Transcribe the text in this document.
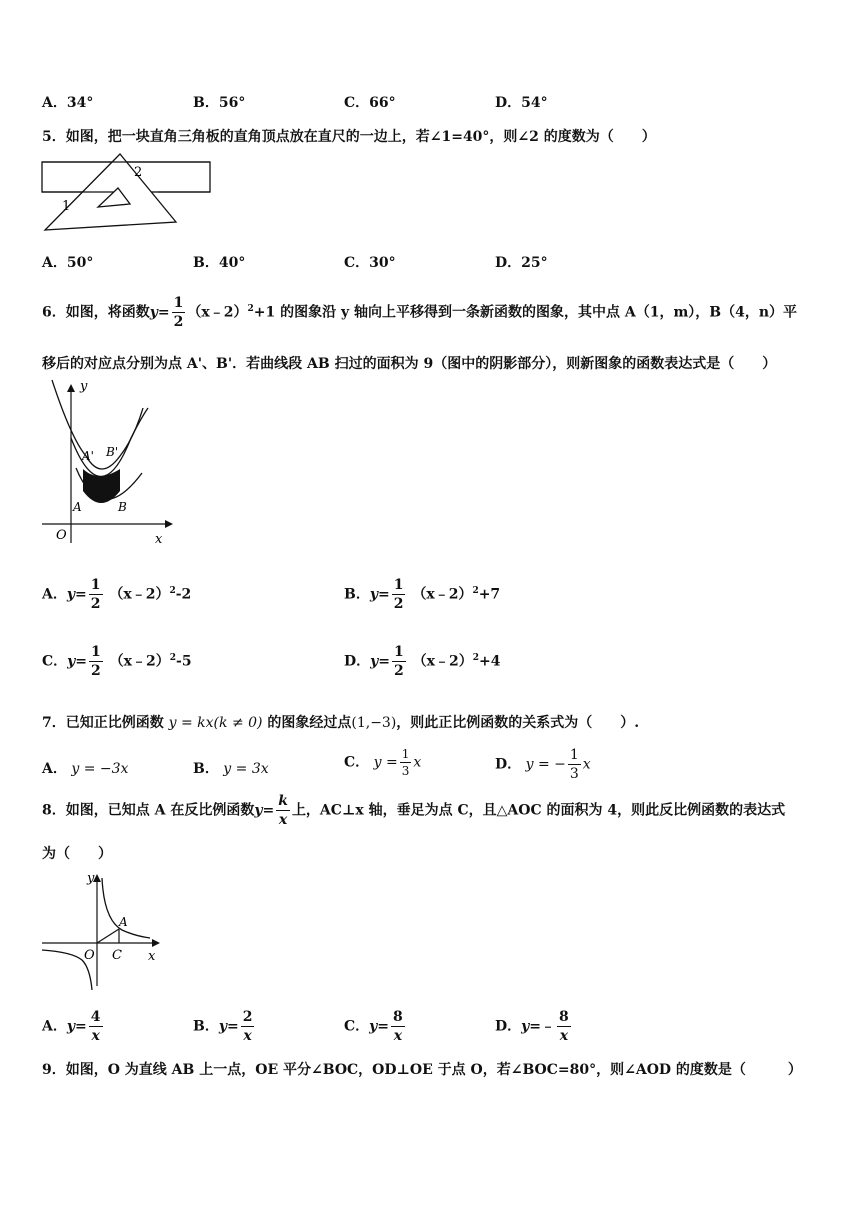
A．34°	B．56°	C．66°	D．54°
5．如图，把一块直角三角板的直角顶点放在直尺的一边上，若∠1=40°，则∠2 的度数为（　　）
1
2
A．50°	B．40°	C．30°	D．25°
6．如图，将函数$y= \frac{1}{2}$ （x﹣2）$^2$+1 的图象沿 y 轴向上平移得到一条新函数的图象，其中点 A（1，m），B（4，n）平
移后的对应点分别为点 A'、B'．若曲线段 AB 扫过的面积为 9（图中的阴影部分），则新图象的函数表达式是（　　）
y
x
O
A	B
A' B'
A．$y= \frac{1}{2}$ （x﹣2）$^2$-2	B．$y= \frac{1}{2}$ （x﹣2）$^2$+7
C．$y= \frac{1}{2}$ （x﹣2）$^2$-5	D．$y= \frac{1}{2}$ （x﹣2）$^2$+4
7．已知正比例函数 y = kx(k ≠ 0) 的图象经过点(1,−3)，则此正比例函数的关系式为（　　）.
A． y = −3x	B． y = 3x	C． $y = \frac{1}{3}$ x	D． y = − $\frac{1}{3}$ x
8．如图，已知点 A 在反比例函数$y= \frac{k}{x}$ 上，AC⊥x 轴，垂足为点 C，且△AOC 的面积为 4，则此反比例函数的表达式
为（　　）
y
x
O C
A
A．$y= \frac{4}{x}$	B．$y= \frac{2}{x}$	C．$y= \frac{8}{x}$	D．y=﹣ $\frac{8}{x}$
9．如图，O 为直线 AB 上一点，OE 平分∠BOC，OD⊥OE 于点 O，若∠BOC=80°，则∠AOD 的度数是（　　　）
